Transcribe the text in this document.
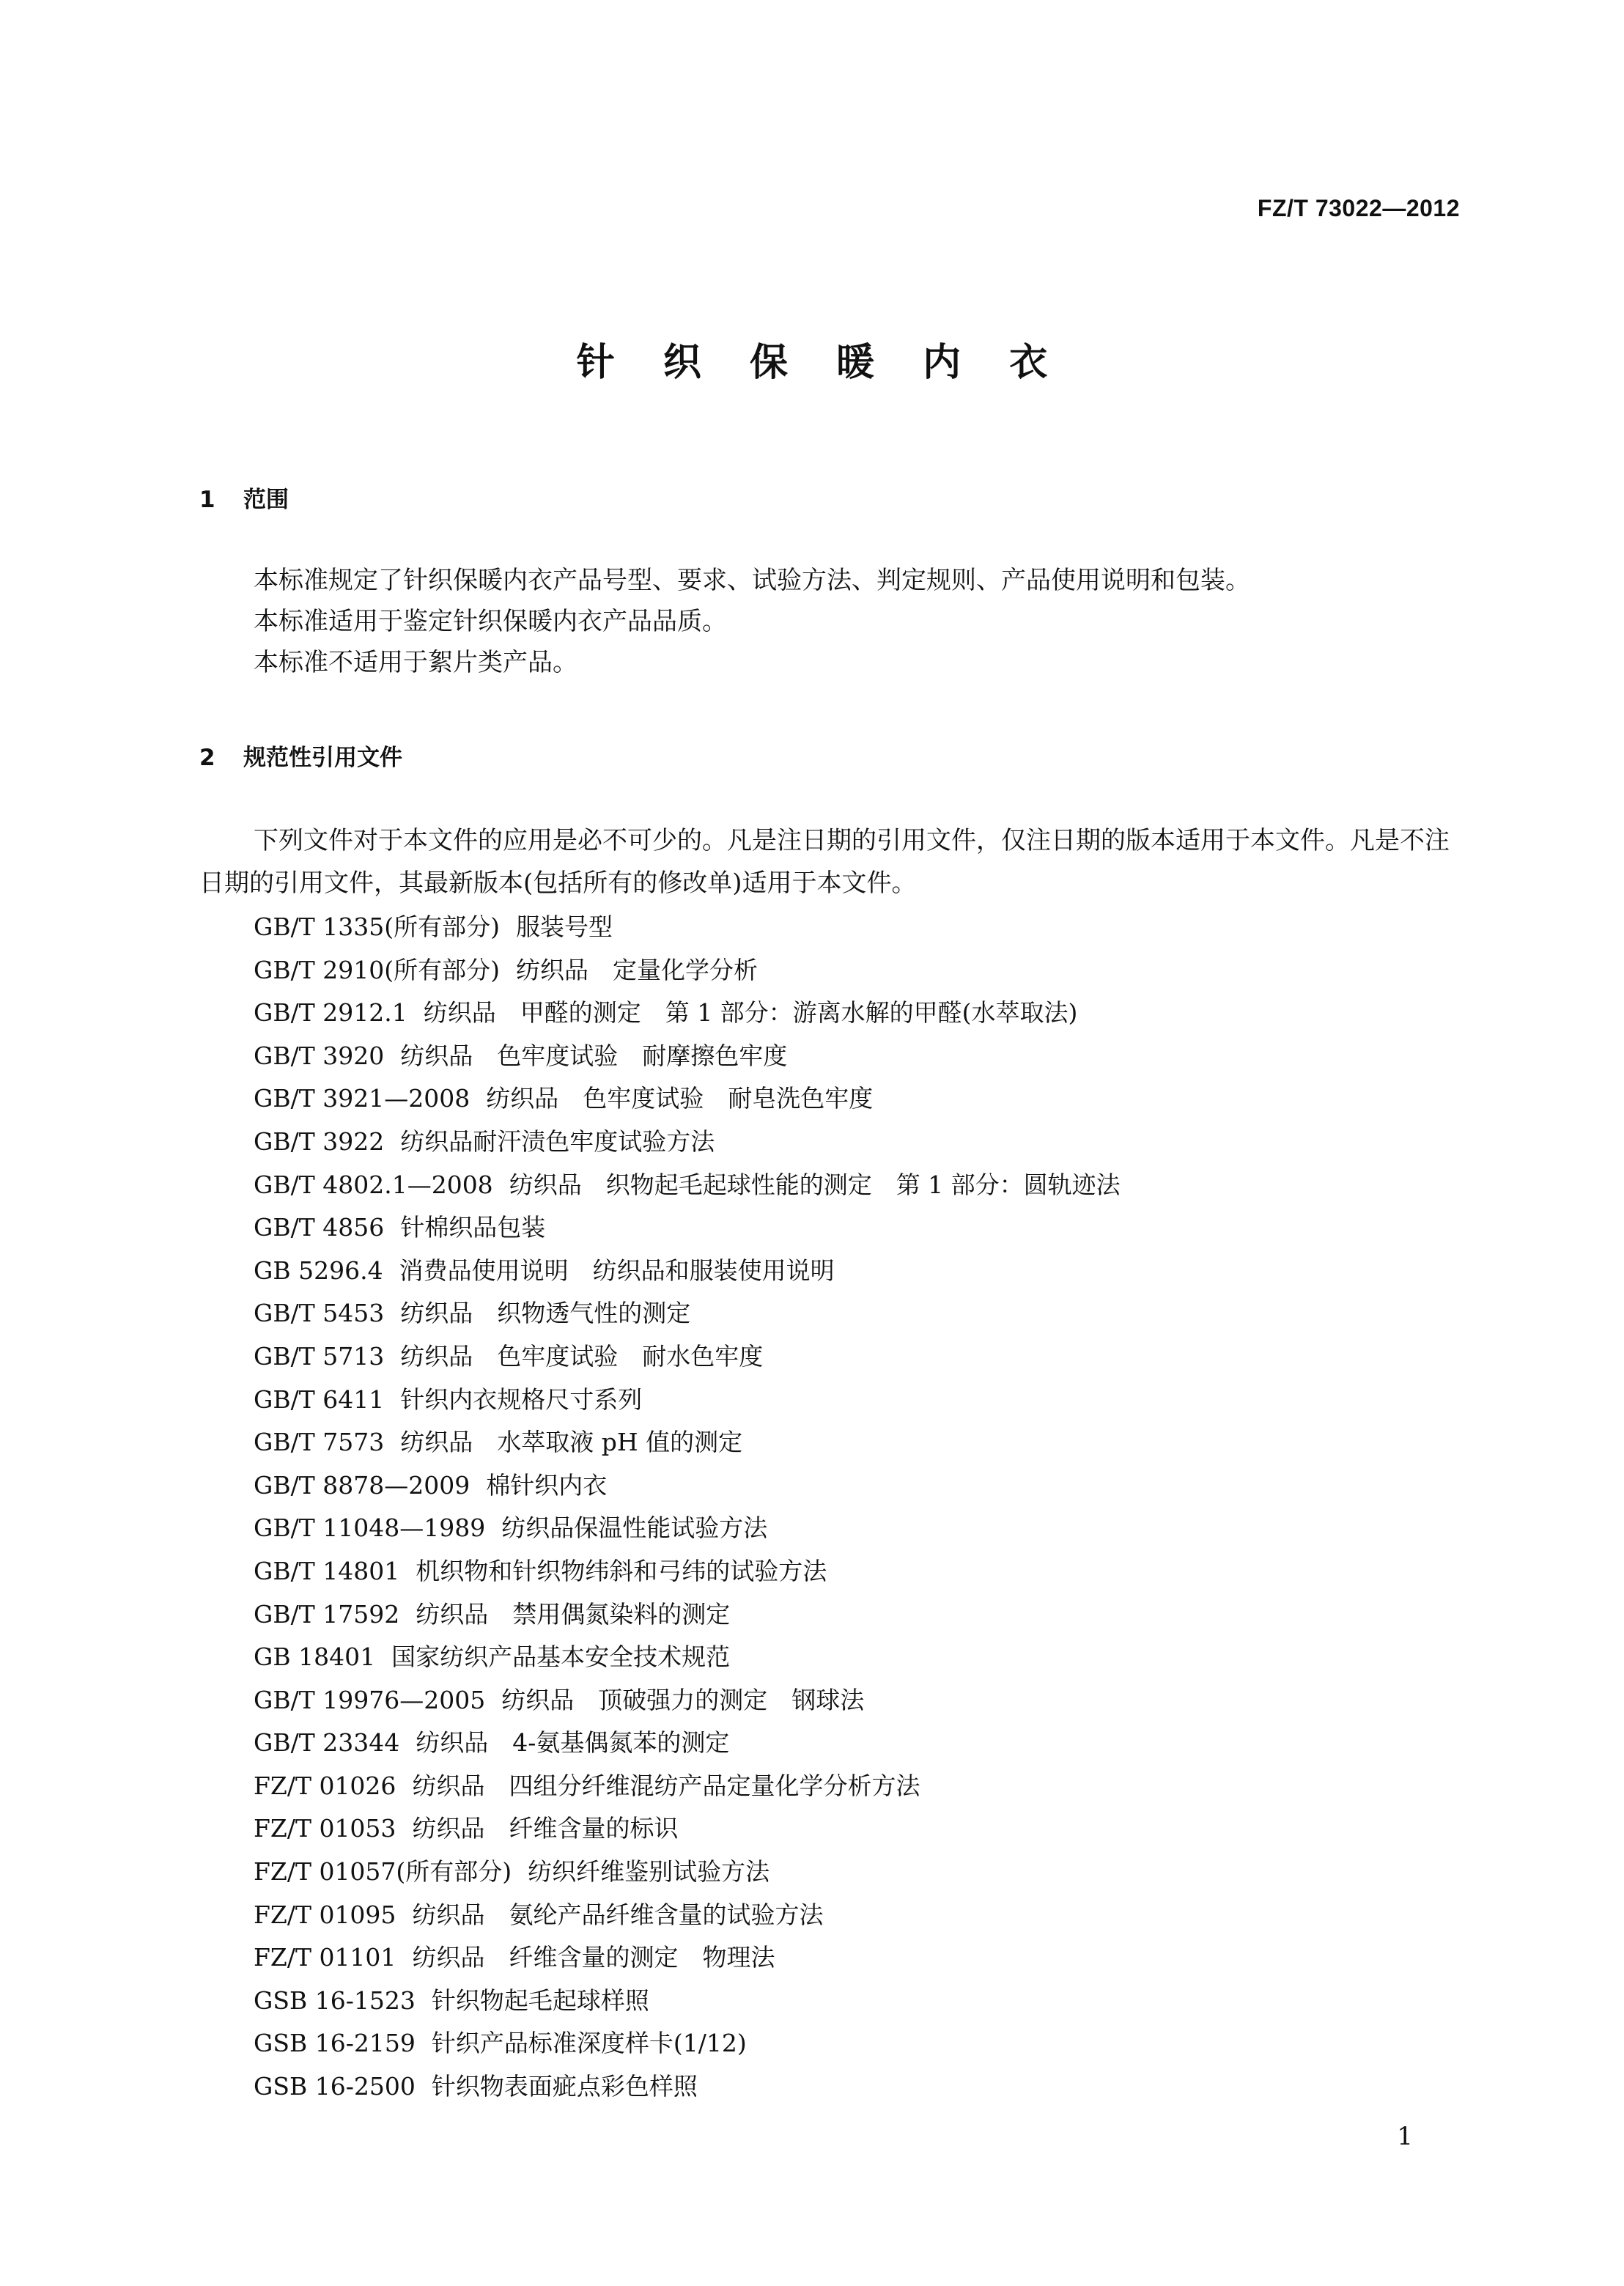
FZ/T 73022—2012
针 织 保 暖 内 衣
1 范围
本标准规定了针织保暖内衣产品号型、要求、试验方法、判定规则、产品使用说明和包装。
本标准适用于鉴定针织保暖内衣产品品质。
本标准不适用于絮片类产品。
2 规范性引用文件

下列文件对于本文件的应用是必不可少的。凡是注日期的引用文件，仅注日期的版本适用于本文件。凡是不注日期的引用文件，其最新版本(包括所有的修改单)适用于本文件。

GB/T 1335(所有部分) 服装号型
GB/T 2910(所有部分) 纺织品　定量化学分析
GB/T 2912.1 纺织品　甲醛的测定　第 1 部分：游离水解的甲醛(水萃取法)
GB/T 3920 纺织品　色牢度试验　耐摩擦色牢度
GB/T 3921—2008 纺织品　色牢度试验　耐皂洗色牢度
GB/T 3922 纺织品耐汗渍色牢度试验方法
GB/T 4802.1—2008 纺织品　织物起毛起球性能的测定　第 1 部分：圆轨迹法
GB/T 4856 针棉织品包装
GB 5296.4 消费品使用说明　纺织品和服装使用说明
GB/T 5453 纺织品　织物透气性的测定
GB/T 5713 纺织品　色牢度试验　耐水色牢度
GB/T 6411 针织内衣规格尺寸系列
GB/T 7573 纺织品　水萃取液 pH 值的测定
GB/T 8878—2009 棉针织内衣
GB/T 11048—1989 纺织品保温性能试验方法
GB/T 14801 机织物和针织物纬斜和弓纬的试验方法
GB/T 17592 纺织品　禁用偶氮染料的测定
GB 18401 国家纺织产品基本安全技术规范
GB/T 19976—2005 纺织品　顶破强力的测定　钢球法
GB/T 23344 纺织品　4-氨基偶氮苯的测定
FZ/T 01026 纺织品　四组分纤维混纺产品定量化学分析方法
FZ/T 01053 纺织品　纤维含量的标识
FZ/T 01057(所有部分) 纺织纤维鉴别试验方法
FZ/T 01095 纺织品　氨纶产品纤维含量的试验方法
FZ/T 01101 纺织品　纤维含量的测定　物理法
GSB 16-1523 针织物起毛起球样照
GSB 16-2159 针织产品标准深度样卡(1/12)
GSB 16-2500 针织物表面疵点彩色样照
1
